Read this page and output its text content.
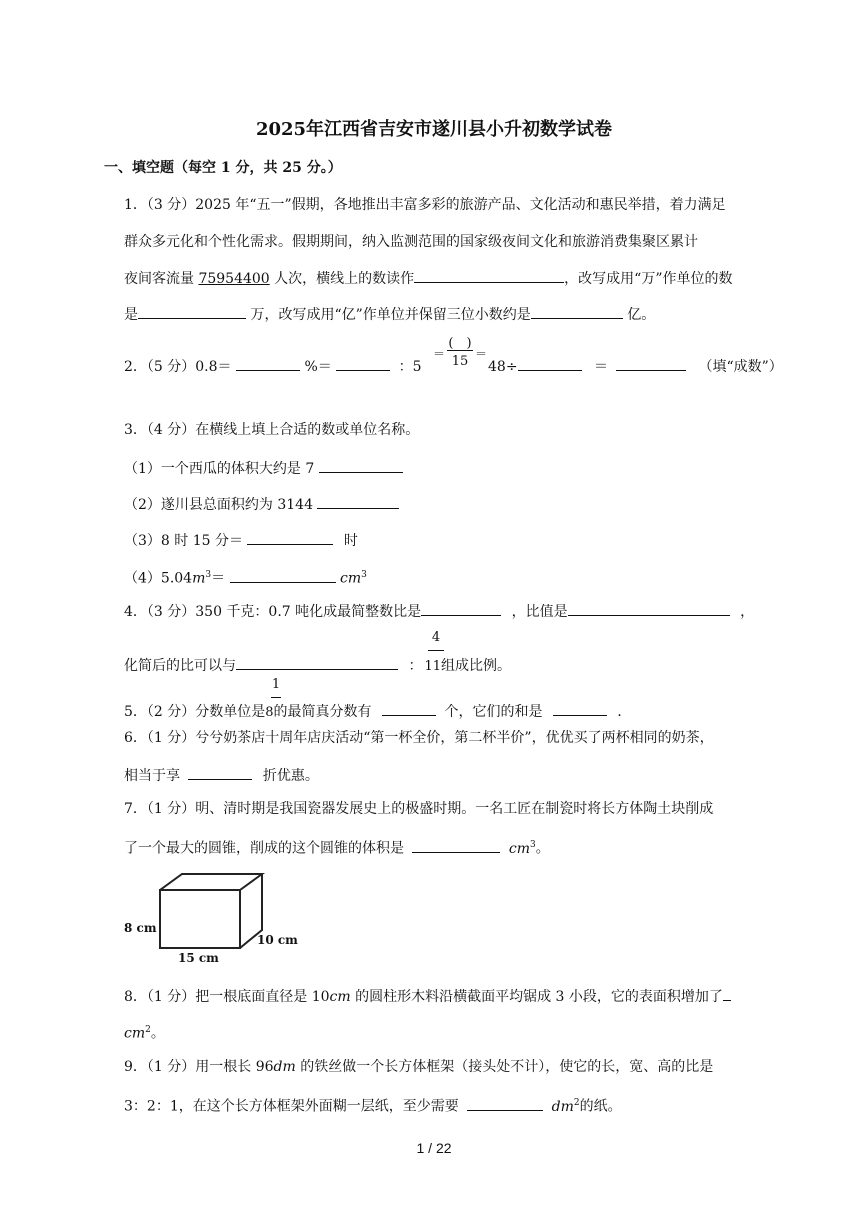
2025年江西省吉安市遂川县小升初数学试卷
一、填空题（每空 1 分，共 25 分。）
1．（3 分）2025 年“五一”假期，各地推出丰富多彩的旅游产品、文化活动和惠民举措，着力满足
群众多元化和个性化需求。假期期间，纳入监测范围的国家级夜间文化和旅游消费集聚区累计
夜间客流量 75954400 人次，横线上的数读作	，改写成用“万”作单位的数
是	万，改写成用“亿”作单位并保留三位小数约是	亿。
2．（5 分）0.8＝	%＝	：5
＝
(　)
15 ＝
48÷	＝	（填“成数”）
3．（4 分）在横线上填上合适的数或单位名称。
（1）一个西瓜的体积大约是 7
（2）遂川县总面积约为 3144
（3）8 时 15 分＝	时
$(4)5.04m^3=$	$cm^3$
4．（3 分）350 千克：0.7 吨化成最简整数比是	，比值是	，
4
化简后的比可以与	： 11组成比例。
1
5．（2 分）分数单位是8的最简真分数有	个，它们的和是	．
6．（1 分）兮兮奶茶店十周年店庆活动“第一杯全价，第二杯半价”，优优买了两杯相同的奶茶，
相当于享	折优惠。
7．（1 分）明、清时期是我国瓷器发展史上的极盛时期。一名工匠在制瓷时将长方体陶土块削成
了一个最大的圆锥，削成的这个圆锥的体积是	$cm^3$。
8 cm
10 cm
15 cm
8．（1 分）把一根底面直径是 10cm 的圆柱形木料沿横截面平均锯成 3 小段，它的表面积增加了
$cm^2$。
9．（1 分）用一根长 96dm 的铁丝做一个长方体框架（接头处不计），使它的长，宽、高的比是
3：2：1，在这个长方体框架外面糊一层纸，至少需要	$dm^2$的纸。
1 / 22
